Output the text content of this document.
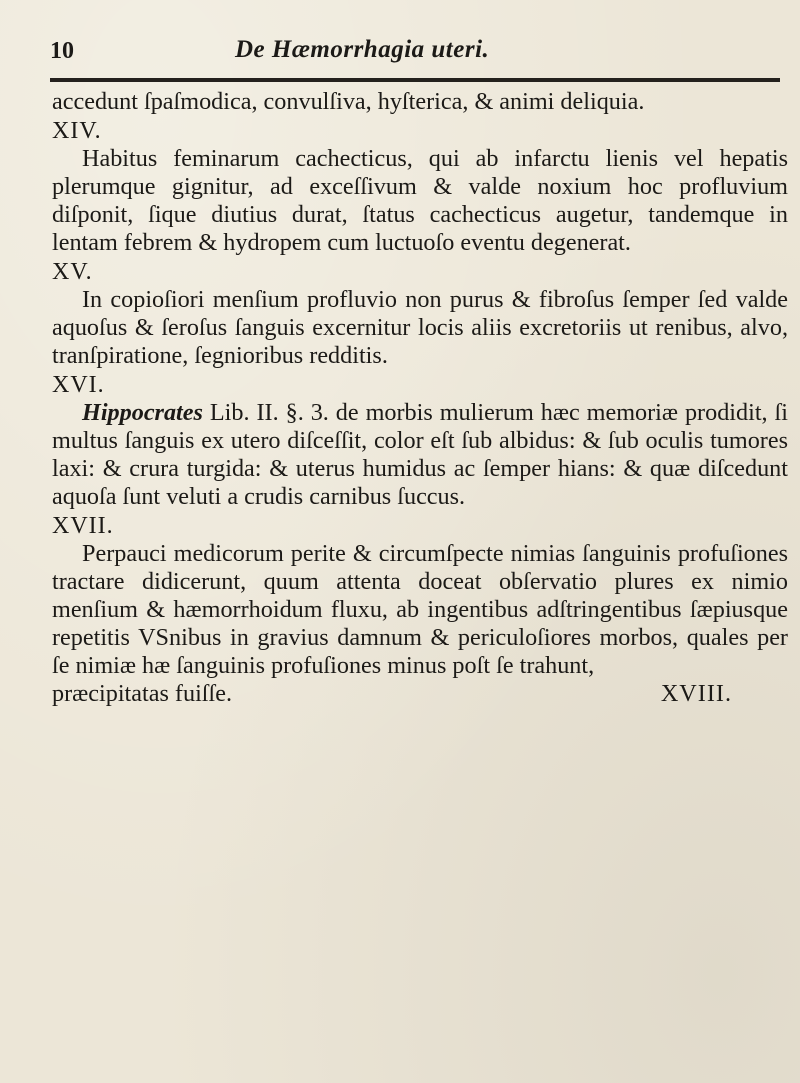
10	De Hæmorrhagia uteri.

accedunt ſpaſmodica, convulſiva, hyſterica, & animi deliquia.

XIV.

Habitus feminarum cachecticus, qui ab infarctu lienis vel hepatis plerumque gignitur, ad exceſſivum & valde noxium hoc profluvium diſponit, ſique diutius durat, ſtatus cachecticus augetur, tandemque in lentam febrem & hydropem cum luctuoſo eventu degenerat.

XV.

In copioſiori menſium profluvio non purus & fibroſus ſemper ſed valde aquoſus & ſeroſus ſanguis excernitur locis aliis excretoriis ut renibus, alvo, tranſpiratione, ſegnioribus redditis.

XVI.

Hippocrates Lib. II. §. 3. de morbis mulierum hæc memoriæ prodidit, ſi multus ſanguis ex utero diſceſſit, color eſt ſub albidus: & ſub oculis tumores laxi: & crura turgida: & uterus humidus ac ſemper hians: & quæ diſcedunt aquoſa ſunt veluti a crudis carnibus ſuccus.

XVII.

Perpauci medicorum perite & circumſpecte nimias ſanguinis profuſiones tractare didicerunt, quum attenta doceat obſervatio plures ex nimio menſium & hæmorrhoidum fluxu, ab ingentibus adſtringentibus ſæpiusque repetitis VSnibus in gravius damnum & periculoſiores morbos, quales per ſe nimiæ hæ ſanguinis profuſiones minus poſt ſe trahunt,

præcipitatas fuiſſe.	XVIII.
